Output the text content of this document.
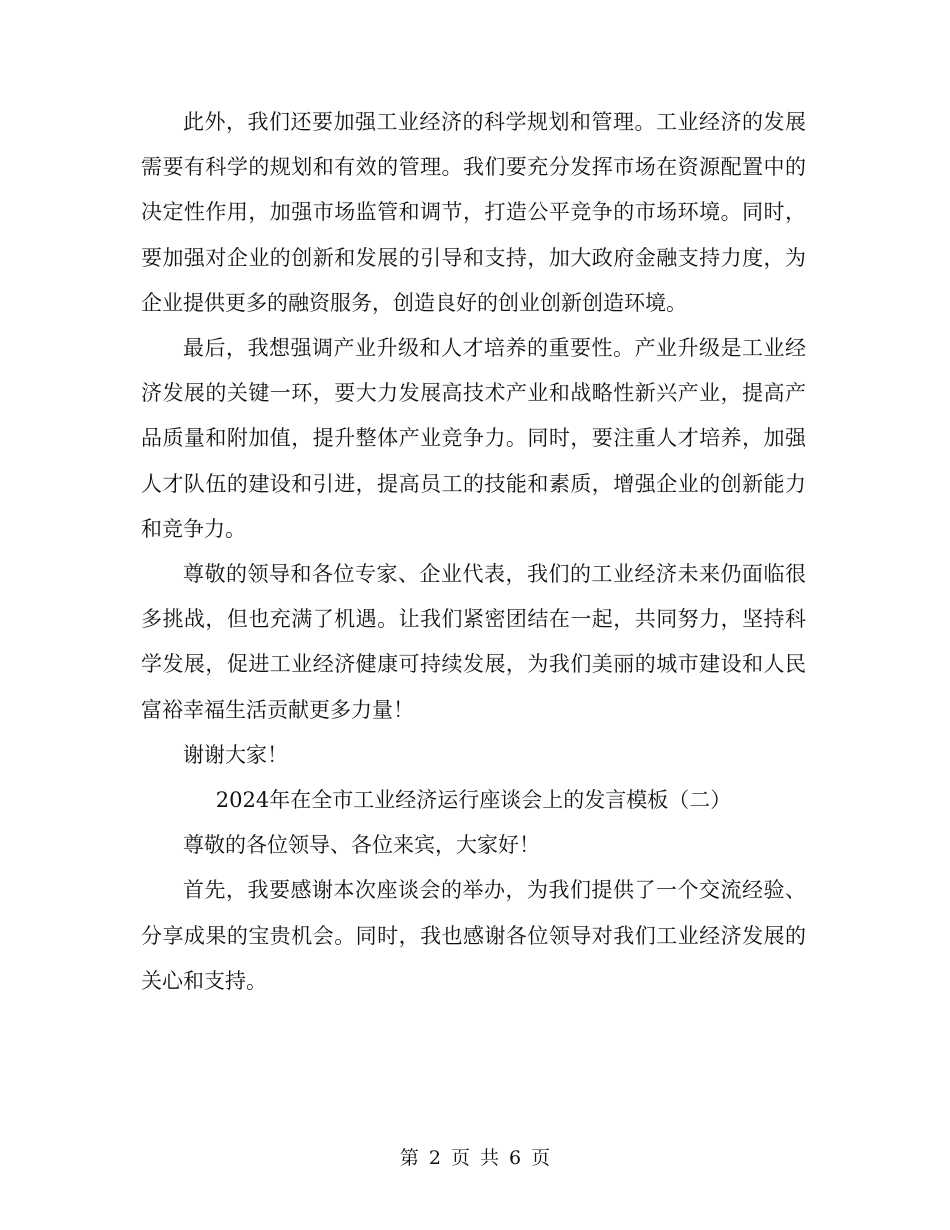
此外，我们还要加强工业经济的科学规划和管理。工业经济的发展需要有科学的规划和有效的管理。我们要充分发挥市场在资源配置中的决定性作用，加强市场监管和调节，打造公平竞争的市场环境。同时，要加强对企业的创新和发展的引导和支持，加大政府金融支持力度，为企业提供更多的融资服务，创造良好的创业创新创造环境。

最后，我想强调产业升级和人才培养的重要性。产业升级是工业经济发展的关键一环，要大力发展高技术产业和战略性新兴产业，提高产品质量和附加值，提升整体产业竞争力。同时，要注重人才培养，加强人才队伍的建设和引进，提高员工的技能和素质，增强企业的创新能力和竞争力。

尊敬的领导和各位专家、企业代表，我们的工业经济未来仍面临很多挑战，但也充满了机遇。让我们紧密团结在一起，共同努力，坚持科学发展，促进工业经济健康可持续发展，为我们美丽的城市建设和人民富裕幸福生活贡献更多力量！

谢谢大家！

2024年在全市工业经济运行座谈会上的发言模板（二）

尊敬的各位领导、各位来宾，大家好！

首先，我要感谢本次座谈会的举办，为我们提供了一个交流经验、分享成果的宝贵机会。同时，我也感谢各位领导对我们工业经济发展的关心和支持。

第 2 页 共 6 页
